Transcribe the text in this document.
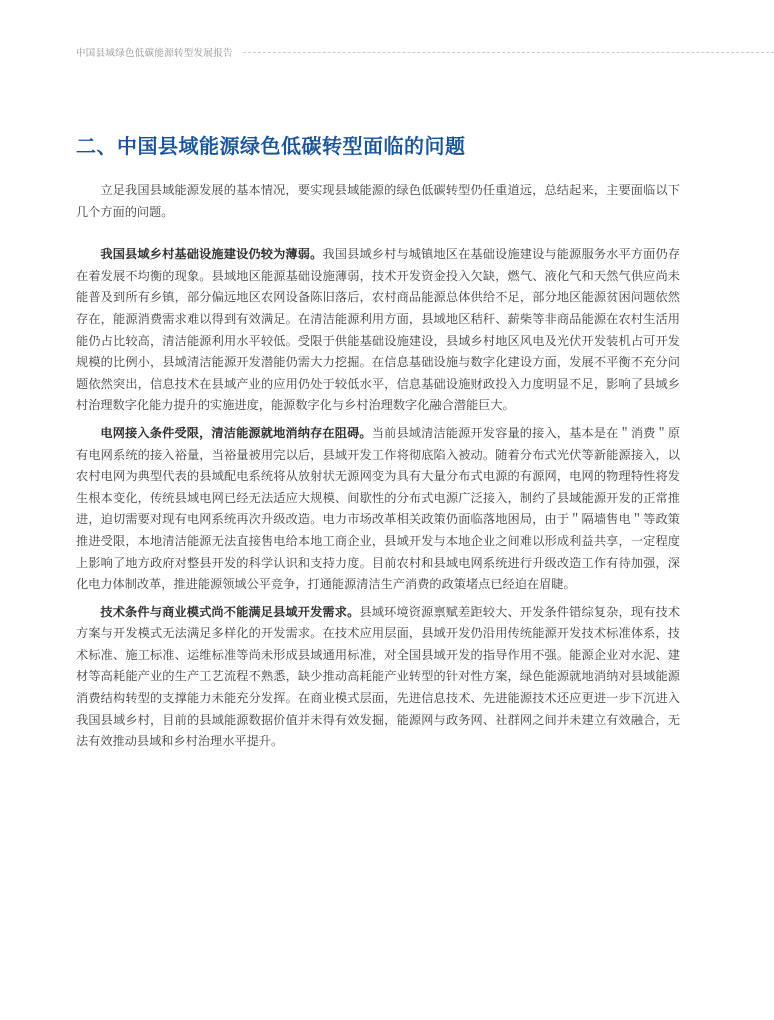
中国县域绿色低碳能源转型发展报告
二、中国县域能源绿色低碳转型面临的问题

立足我国县域能源发展的基本情况，要实现县域能源的绿色低碳转型仍任重道远，总结起来，主要面临以下几个方面的问题。

我国县域乡村基础设施建设仍较为薄弱。我国县域乡村与城镇地区在基础设施建设与能源服务水平方面仍存在着发展不均衡的现象。县域地区能源基础设施薄弱，技术开发资金投入欠缺，燃气、液化气和天然气供应尚未能普及到所有乡镇，部分偏远地区农网设备陈旧落后，农村商品能源总体供给不足，部分地区能源贫困问题依然存在，能源消费需求难以得到有效满足。在清洁能源利用方面，县域地区秸秆、薪柴等非商品能源在农村生活用能仍占比较高，清洁能源利用水平较低。受限于供能基础设施建设，县域乡村地区风电及光伏开发装机占可开发规模的比例小，县域清洁能源开发潜能仍需大力挖掘。在信息基础设施与数字化建设方面，发展不平衡不充分问题依然突出，信息技术在县域产业的应用仍处于较低水平，信息基础设施财政投入力度明显不足，影响了县域乡村治理数字化能力提升的实施进度，能源数字化与乡村治理数字化融合潜能巨大。

电网接入条件受限，清洁能源就地消纳存在阻碍。当前县域清洁能源开发容量的接入，基本是在＂消费＂原有电网系统的接入裕量，当裕量被用完以后，县域开发工作将彻底陷入被动。随着分布式光伏等新能源接入，以农村电网为典型代表的县域配电系统将从放射状无源网变为具有大量分布式电源的有源网，电网的物理特性将发生根本变化，传统县域电网已经无法适应大规模、间歇性的分布式电源广泛接入，制约了县域能源开发的正常推进，迫切需要对现有电网系统再次升级改造。电力市场改革相关政策仍面临落地困局，由于＂隔墙售电＂等政策推进受限，本地清洁能源无法直接售电给本地工商企业，县域开发与本地企业之间难以形成利益共享，一定程度上影响了地方政府对整县开发的科学认识和支持力度。目前农村和县域电网系统进行升级改造工作有待加强，深化电力体制改革，推进能源领域公平竞争，打通能源清洁生产消费的政策堵点已经迫在眉睫。

技术条件与商业模式尚不能满足县域开发需求。县域环境资源禀赋差距较大、开发条件错综复杂，现有技术方案与开发模式无法满足多样化的开发需求。在技术应用层面，县域开发仍沿用传统能源开发技术标准体系，技术标准、施工标准、运维标准等尚未形成县域通用标准，对全国县域开发的指导作用不强。能源企业对水泥、建材等高耗能产业的生产工艺流程不熟悉，缺少推动高耗能产业转型的针对性方案，绿色能源就地消纳对县域能源消费结构转型的支撑能力未能充分发挥。在商业模式层面，先进信息技术、先进能源技术还应更进一步下沉进入我国县域乡村，目前的县域能源数据价值并未得有效发掘，能源网与政务网、社群网之间并未建立有效融合，无法有效推动县域和乡村治理水平提升。
